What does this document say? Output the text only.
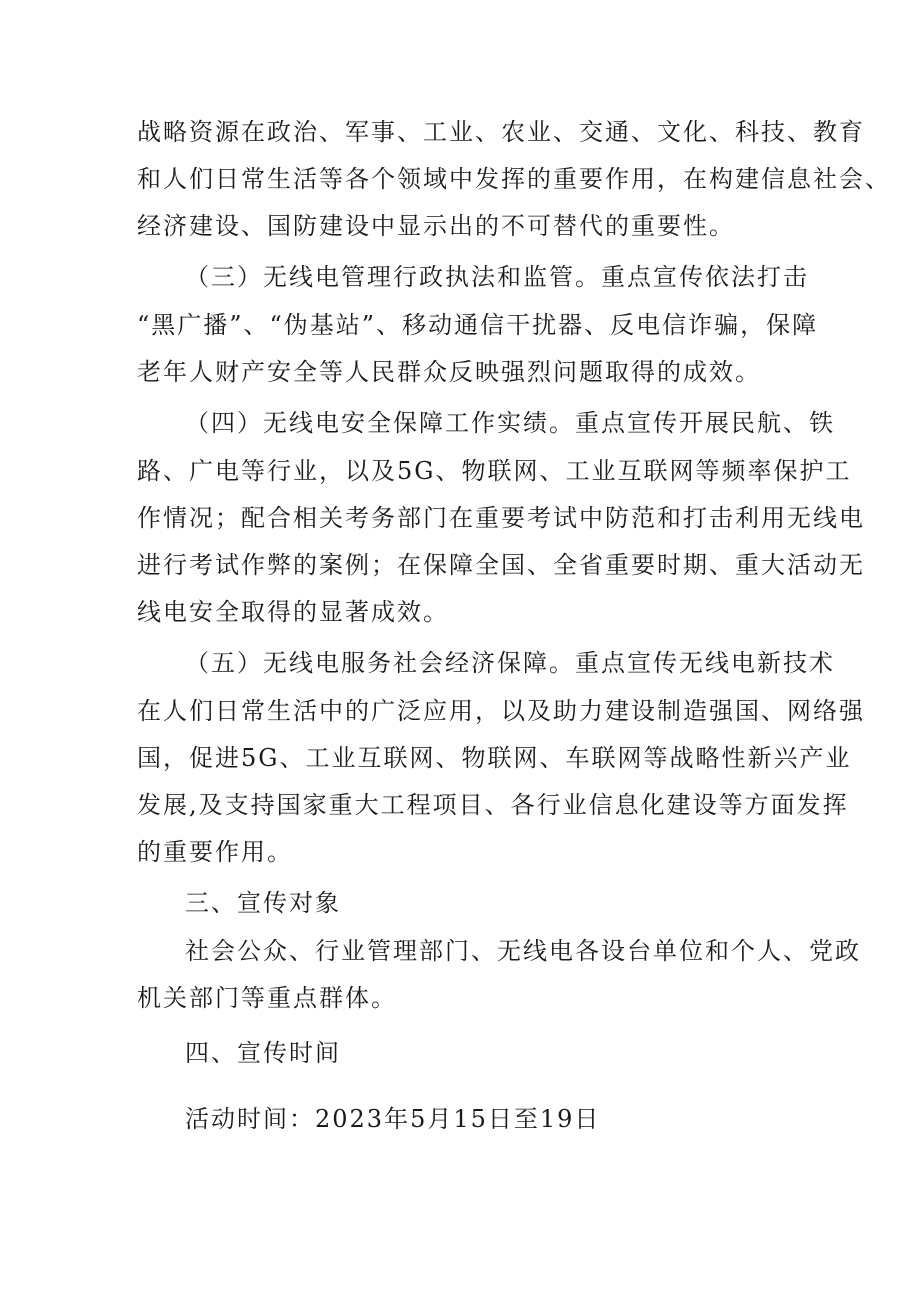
战略资源在政治、军事、工业、农业、交通、文化、科技、教育

和人们日常生活等各个领域中发挥的重要作用，在构建信息社会、

经济建设、国防建设中显示出的不可替代的重要性。

（三）无线电管理行政执法和监管。重点宣传依法打击

“黑广播”、“伪基站”、移动通信干扰器、反电信诈骗，保障

老年人财产安全等人民群众反映强烈问题取得的成效。

（四）无线电安全保障工作实绩。重点宣传开展民航、铁

路、广电等行业，以及5G、物联网、工业互联网等频率保护工

作情况；配合相关考务部门在重要考试中防范和打击利用无线电

进行考试作弊的案例；在保障全国、全省重要时期、重大活动无

线电安全取得的显著成效。

（五）无线电服务社会经济保障。重点宣传无线电新技术

在人们日常生活中的广泛应用，以及助力建设制造强国、网络强

国，促进5G、工业互联网、物联网、车联网等战略性新兴产业

发展,及支持国家重大工程项目、各行业信息化建设等方面发挥

的重要作用。

三、宣传对象

社会公众、行业管理部门、无线电各设台单位和个人、党政

机关部门等重点群体。

四、宣传时间

活动时间：2023年5月15日至19日
